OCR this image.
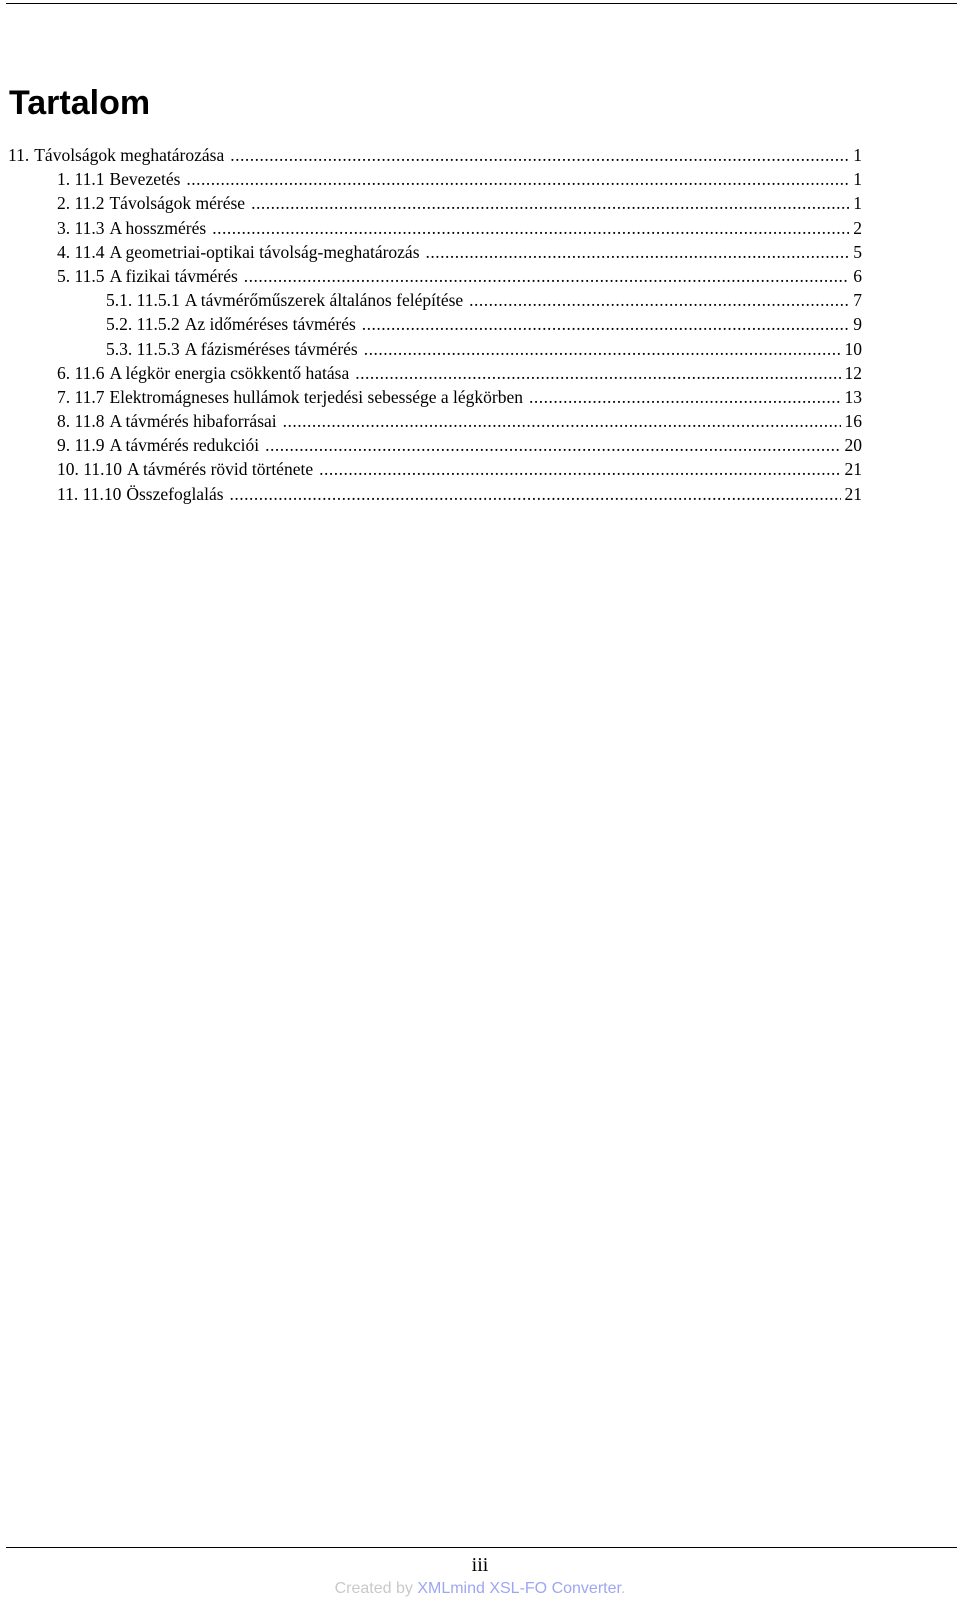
Tartalom
11. Távolságok meghatározása .....	1
1. 11.1 Bevezetés .....	1
2. 11.2 Távolságok mérése .....	1
3. 11.3 A hosszmérés .....	2
4. 11.4 A geometriai-optikai távolság-meghatározás .....	5
5. 11.5 A fizikai távmérés .....	6
5.1. 11.5.1 A távmérőműszerek általános felépítése .....	7
5.2. 11.5.2 Az időméréses távmérés .....	9
5.3. 11.5.3 A fázisméréses távmérés .....	10
6. 11.6 A légkör energia csökkentő hatása .....	12
7. 11.7 Elektromágneses hullámok terjedési sebessége a légkörben .....	13
8. 11.8 A távmérés hibaforrásai .....	16
9. 11.9 A távmérés redukciói .....	20
10. 11.10 A távmérés rövid története .....	21
11. 11.10 Összefoglalás .....	21
iii
Created by XMLmind XSL-FO Converter.
